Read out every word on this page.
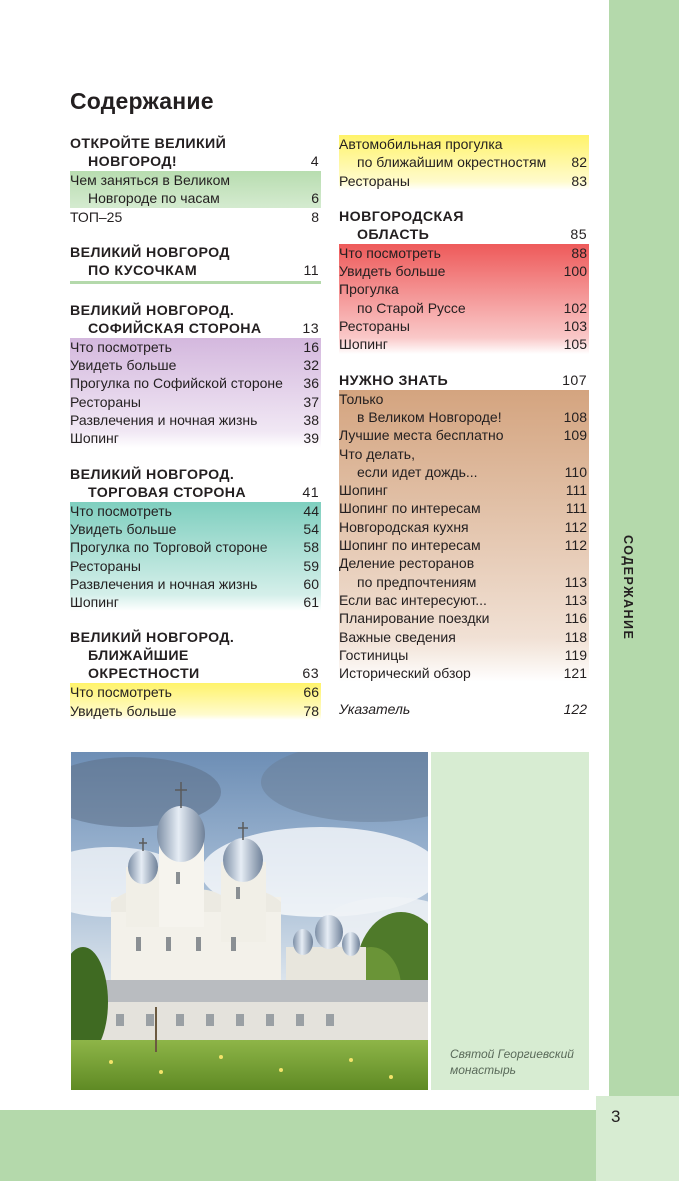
СОДЕРЖАНИЕ
Содержание
ОТКРОЙТЕ ВЕЛИКИЙ
НОВГОРОД!	4
Чем заняться в Великом
Новгороде по часам	6
ТОП–25	8
ВЕЛИКИЙ НОВГОРОД
ПО КУСОЧКАМ	11
ВЕЛИКИЙ НОВГОРОД.
СОФИЙСКАЯ СТОРОНА	13
Что посмотреть	16
Увидеть больше	32
Прогулка по Софийской стороне 36
Рестораны	37
Развлечения и ночная жизнь	38
Шопинг	39
ВЕЛИКИЙ НОВГОРОД.
ТОРГОВАЯ СТОРОНА	41
Что посмотреть	44
Увидеть больше	54
Прогулка по Торговой стороне	58
Рестораны	59
Развлечения и ночная жизнь	60
Шопинг	61
ВЕЛИКИЙ НОВГОРОД.
БЛИЖАЙШИЕ
ОКРЕСТНОСТИ	63
Что посмотреть	66
Увидеть больше	78
Автомобильная прогулка
по ближайшим окрестностям 82
Рестораны	83
НОВГОРОДСКАЯ
ОБЛАСТЬ	85
Что посмотреть	88
Увидеть больше	100
Прогулка
по Старой Руссе	102
Рестораны	103
Шопинг	105
НУЖНО ЗНАТЬ	107
Только
в Великом Новгороде!	108
Лучшие места бесплатно	109
Что делать,
если идет дождь...	110
Шопинг	111
Шопинг по интересам	111
Новгородская кухня	112
Шопинг по интересам	112
Деление ресторанов
по предпочтениям	113
Если вас интересуют...	113
Планирование поездки	116
Важные сведения	118
Гостиницы	119
Исторический обзор	121
Указатель	122
Святой Георгиевский монастырь
3
